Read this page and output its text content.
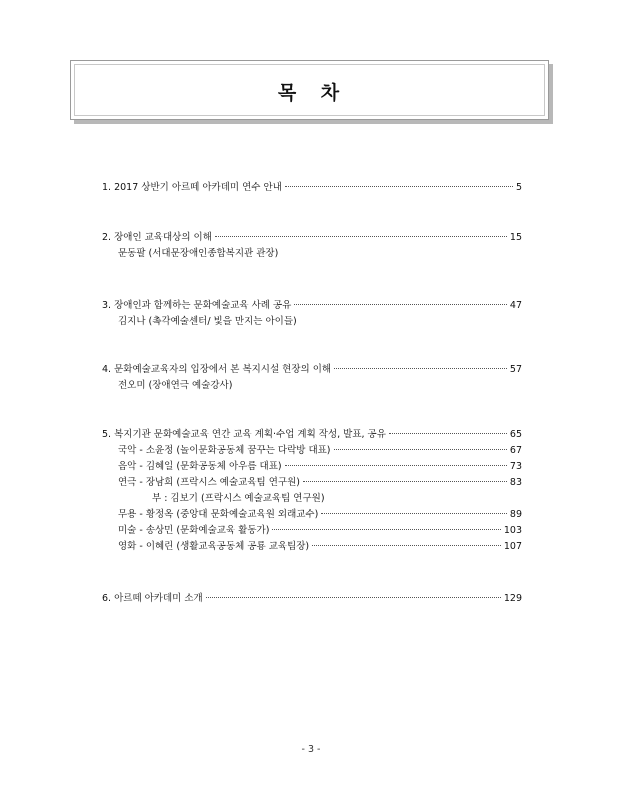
목 차
1. 2017 상반기 아르떼 아카데미 연수 안내	5
2. 장애인 교육대상의 이해	15
문동팔 (서대문장애인종합복지관 관장)
3. 장애인과 함께하는 문화예술교육 사례 공유	47
김지나 (촉각예술센터/ 빛을 만지는 아이들)
4. 문화예술교육자의 입장에서 본 복지시설 현장의 이해	57
전오미 (장애연극 예술강사)
5. 복지기관 문화예술교육 연간 교육 계획·수업 계획 작성, 발표, 공유	65
국악 - 소윤정 (놀이문화공동체 꿈꾸는 다락방 대표)	67
음악 - 김혜일 (문화공동체 아우름 대표)	73
연극 - 장남희 (프락시스 예술교육팀 연구원)	83
부 : 김보기 (프락시스 예술교육팀 연구원)
무용 - 황정옥 (중앙대 문화예술교육원 외래교수)	89
미술 - 송상민 (문화예술교육 활동가)	103
영화 - 이혜린 (생활교육공동체 공룡 교육팀장)	107
6. 아르떼 아카데미 소개	129
- 3 -
